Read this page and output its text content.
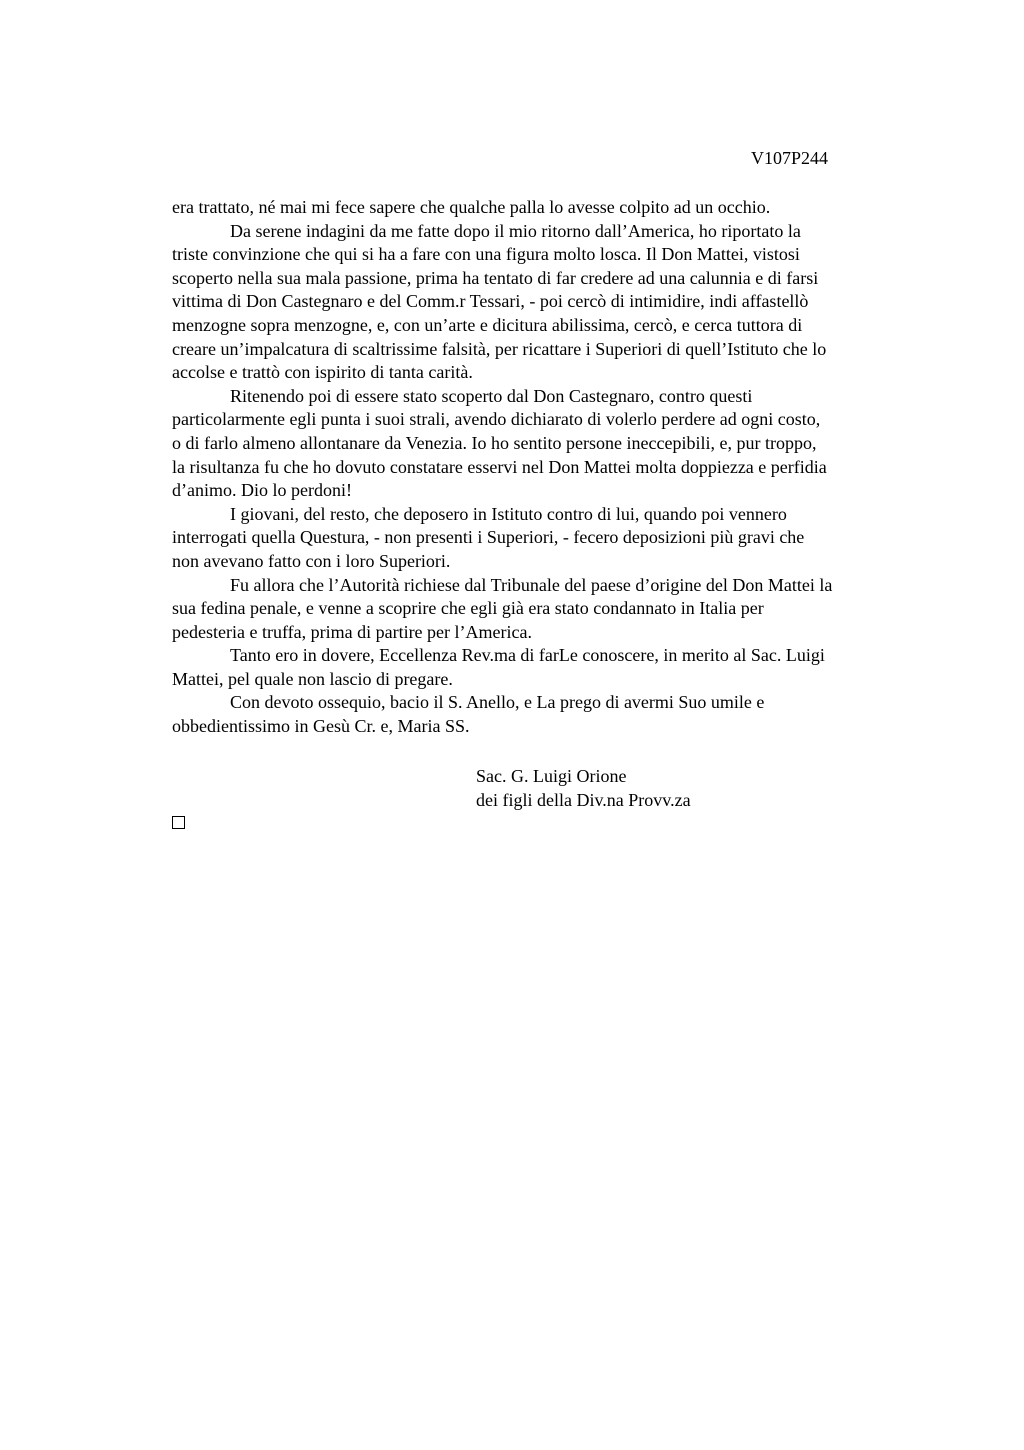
V107P244
era trattato, né mai mi fece sapere che qualche palla lo avesse colpito ad un occhio.
Da serene indagini da me fatte dopo il mio ritorno dall’America, ho riportato la
triste convinzione che qui si ha a fare con una figura molto losca. Il Don Mattei, vistosi
scoperto nella sua mala passione, prima ha tentato di far credere ad una calunnia e di farsi
vittima di Don Castegnaro e del Comm.r Tessari, - poi cercò di intimidire, indi affastellò
menzogne sopra menzogne, e, con un’arte e dicitura abilissima, cercò, e cerca tuttora di
creare un’impalcatura di scaltrissime falsità, per ricattare i Superiori di quell’Istituto che lo
accolse e trattò con ispirito di tanta carità.
Ritenendo poi di essere stato scoperto dal Don Castegnaro, contro questi
particolarmente egli punta i suoi strali, avendo dichiarato di volerlo perdere ad ogni costo,
o di farlo almeno allontanare da Venezia. Io ho sentito persone ineccepibili, e, pur troppo,
la risultanza fu che ho dovuto constatare esservi nel Don Mattei molta doppiezza e perfidia
d’animo. Dio lo perdoni!
I giovani, del resto, che deposero in Istituto contro di lui, quando poi vennero
interrogati quella Questura, - non presenti i Superiori, - fecero deposizioni più gravi che
non avevano fatto con i loro Superiori.
Fu allora che l’Autorità richiese dal Tribunale del paese d’origine del Don Mattei la
sua fedina penale, e venne a scoprire che egli già era stato condannato in Italia per
pedesteria e truffa, prima di partire per l’America.
Tanto ero in dovere, Eccellenza Rev.ma di farLe conoscere, in merito al Sac. Luigi
Mattei, pel quale non lascio di pregare.
Con devoto ossequio, bacio il S. Anello, e La prego di avermi Suo umile e
obbedientissimo in Gesù Cr. e, Maria SS.
Sac. G. Luigi Orione
dei figli della Div.na Provv.za
